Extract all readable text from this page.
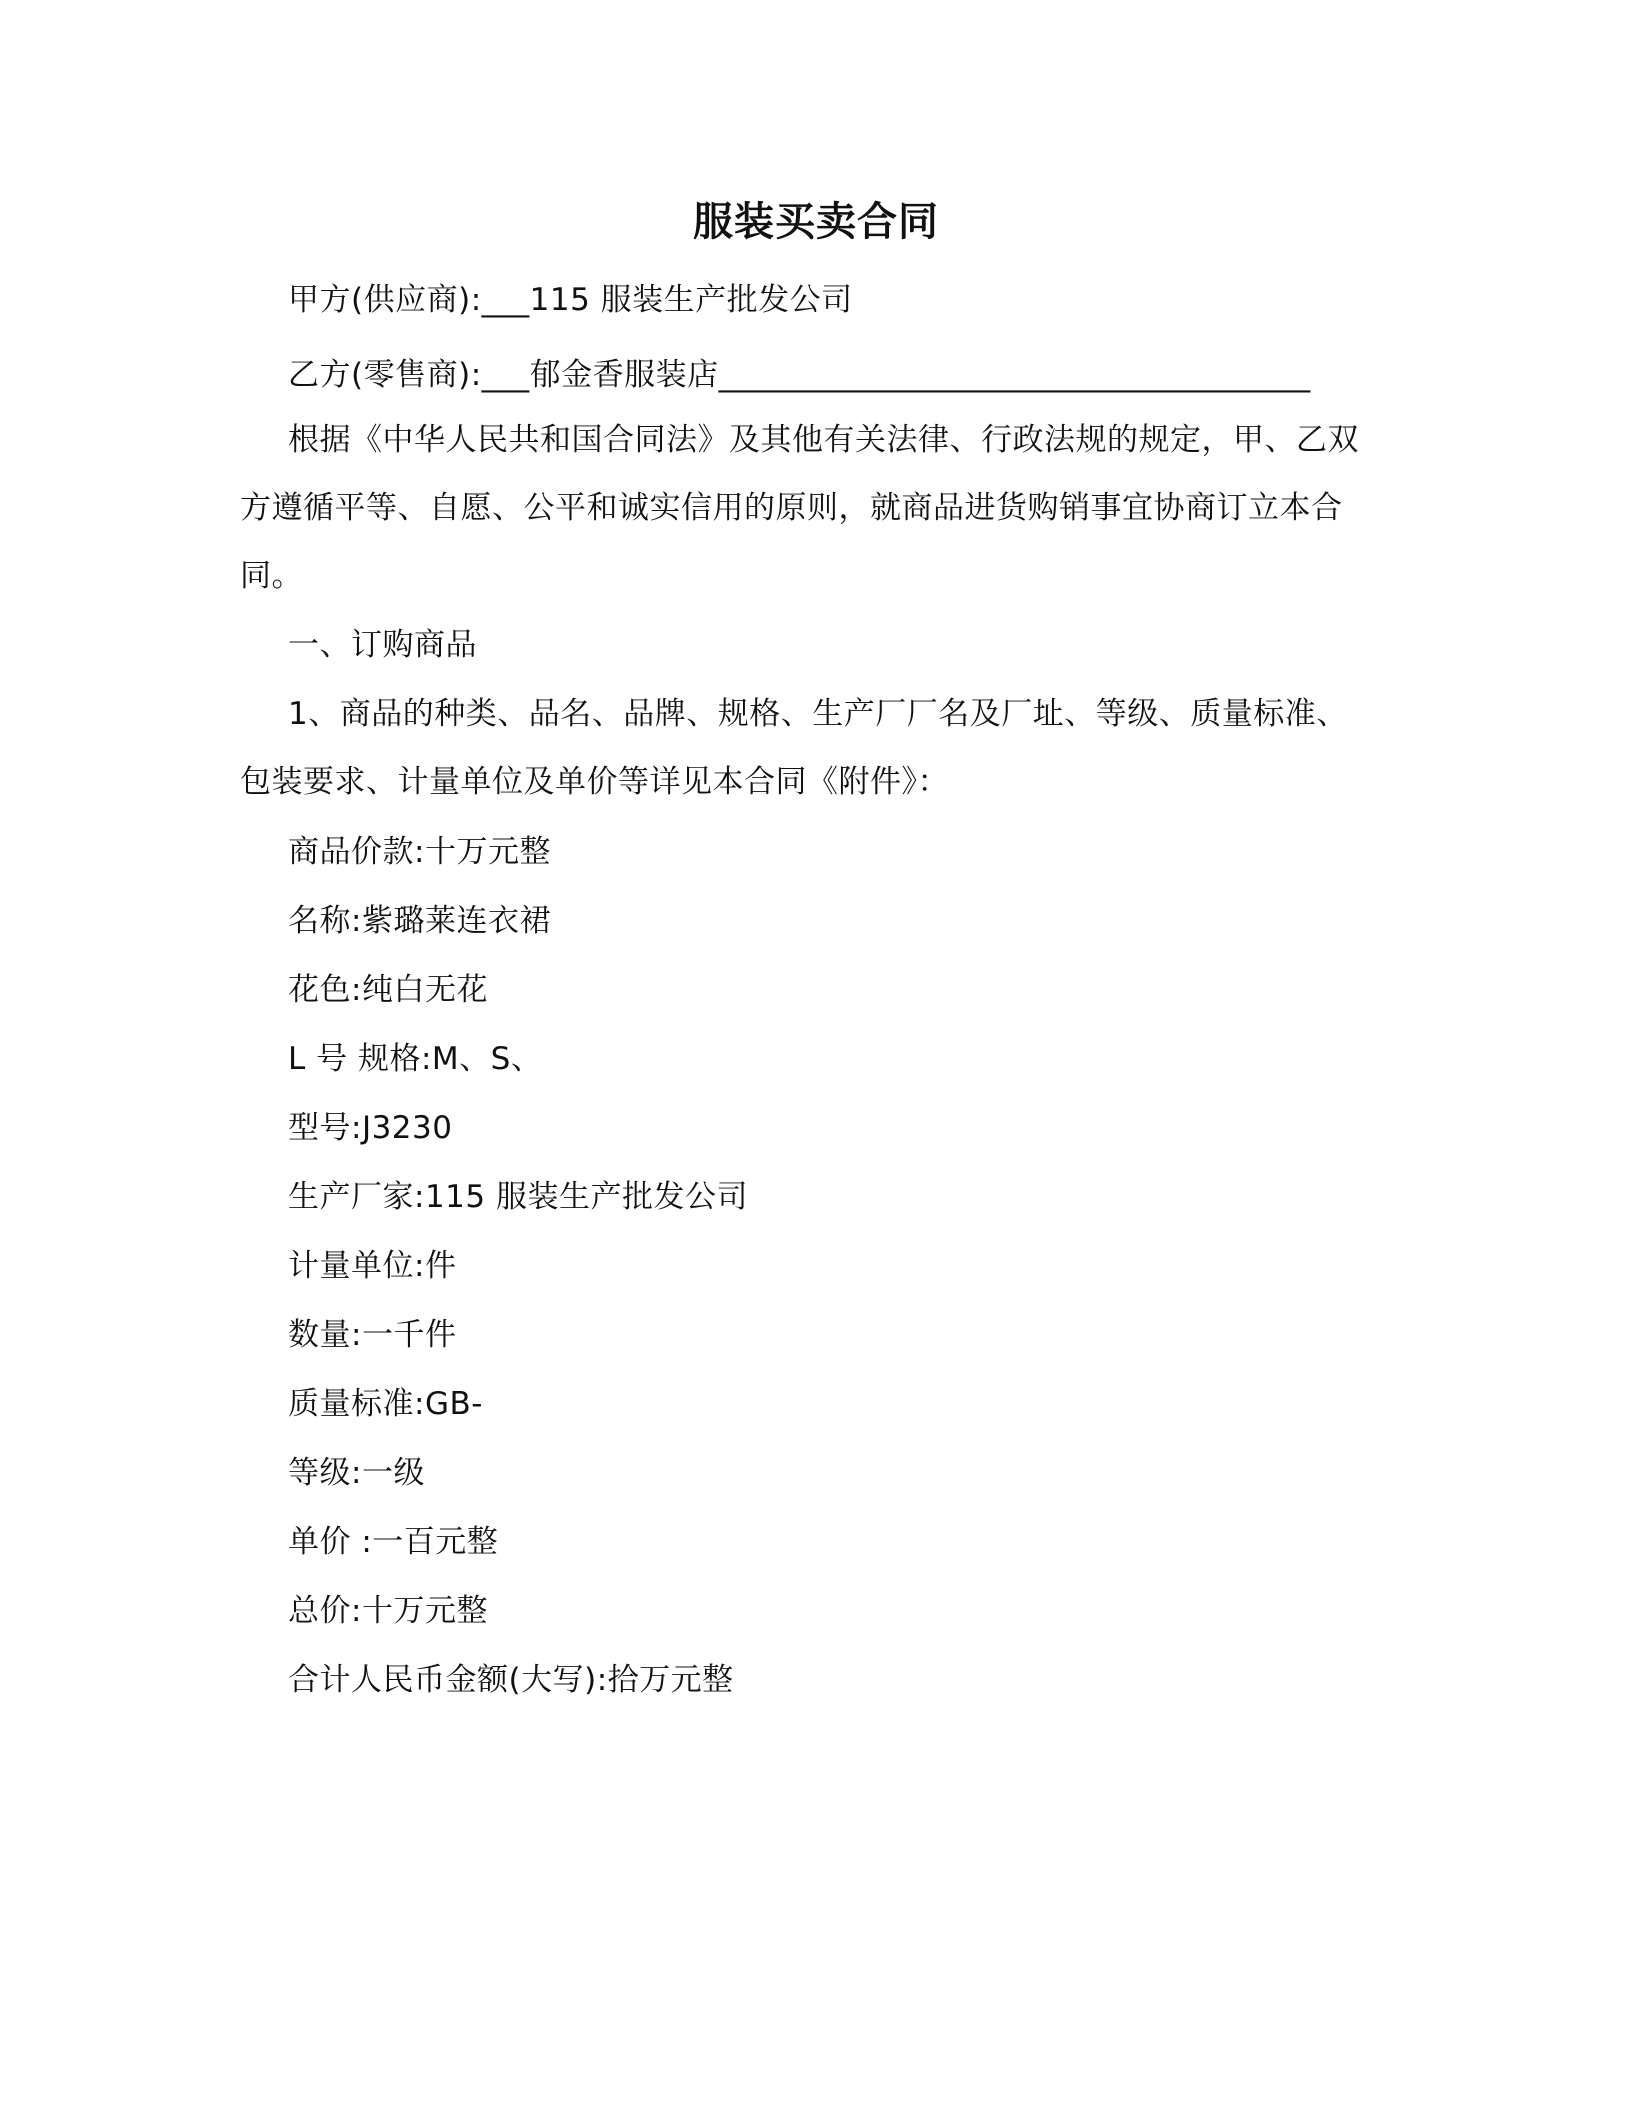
服装买卖合同
甲方(供应商):___115 服装生产批发公司
乙方(零售商):___郁金香服装店_____________________________________
根据《中华人民共和国合同法》及其他有关法律、行政法规的规定，甲、乙双
方遵循平等、自愿、公平和诚实信用的原则，就商品进货购销事宜协商订立本合
同。
一、订购商品
1、商品的种类、品名、品牌、规格、生产厂厂名及厂址、等级、质量标准、
包装要求、计量单位及单价等详见本合同《附件》：
商品价款:十万元整
名称:紫璐莱连衣裙
花色:纯白无花
L 号 规格:M、S、
型号:J3230
生产厂家:115 服装生产批发公司
计量单位:件
数量:一千件
质量标准:GB-
等级:一级
单价 :一百元整
总价:十万元整
合计人民币金额(大写):拾万元整
